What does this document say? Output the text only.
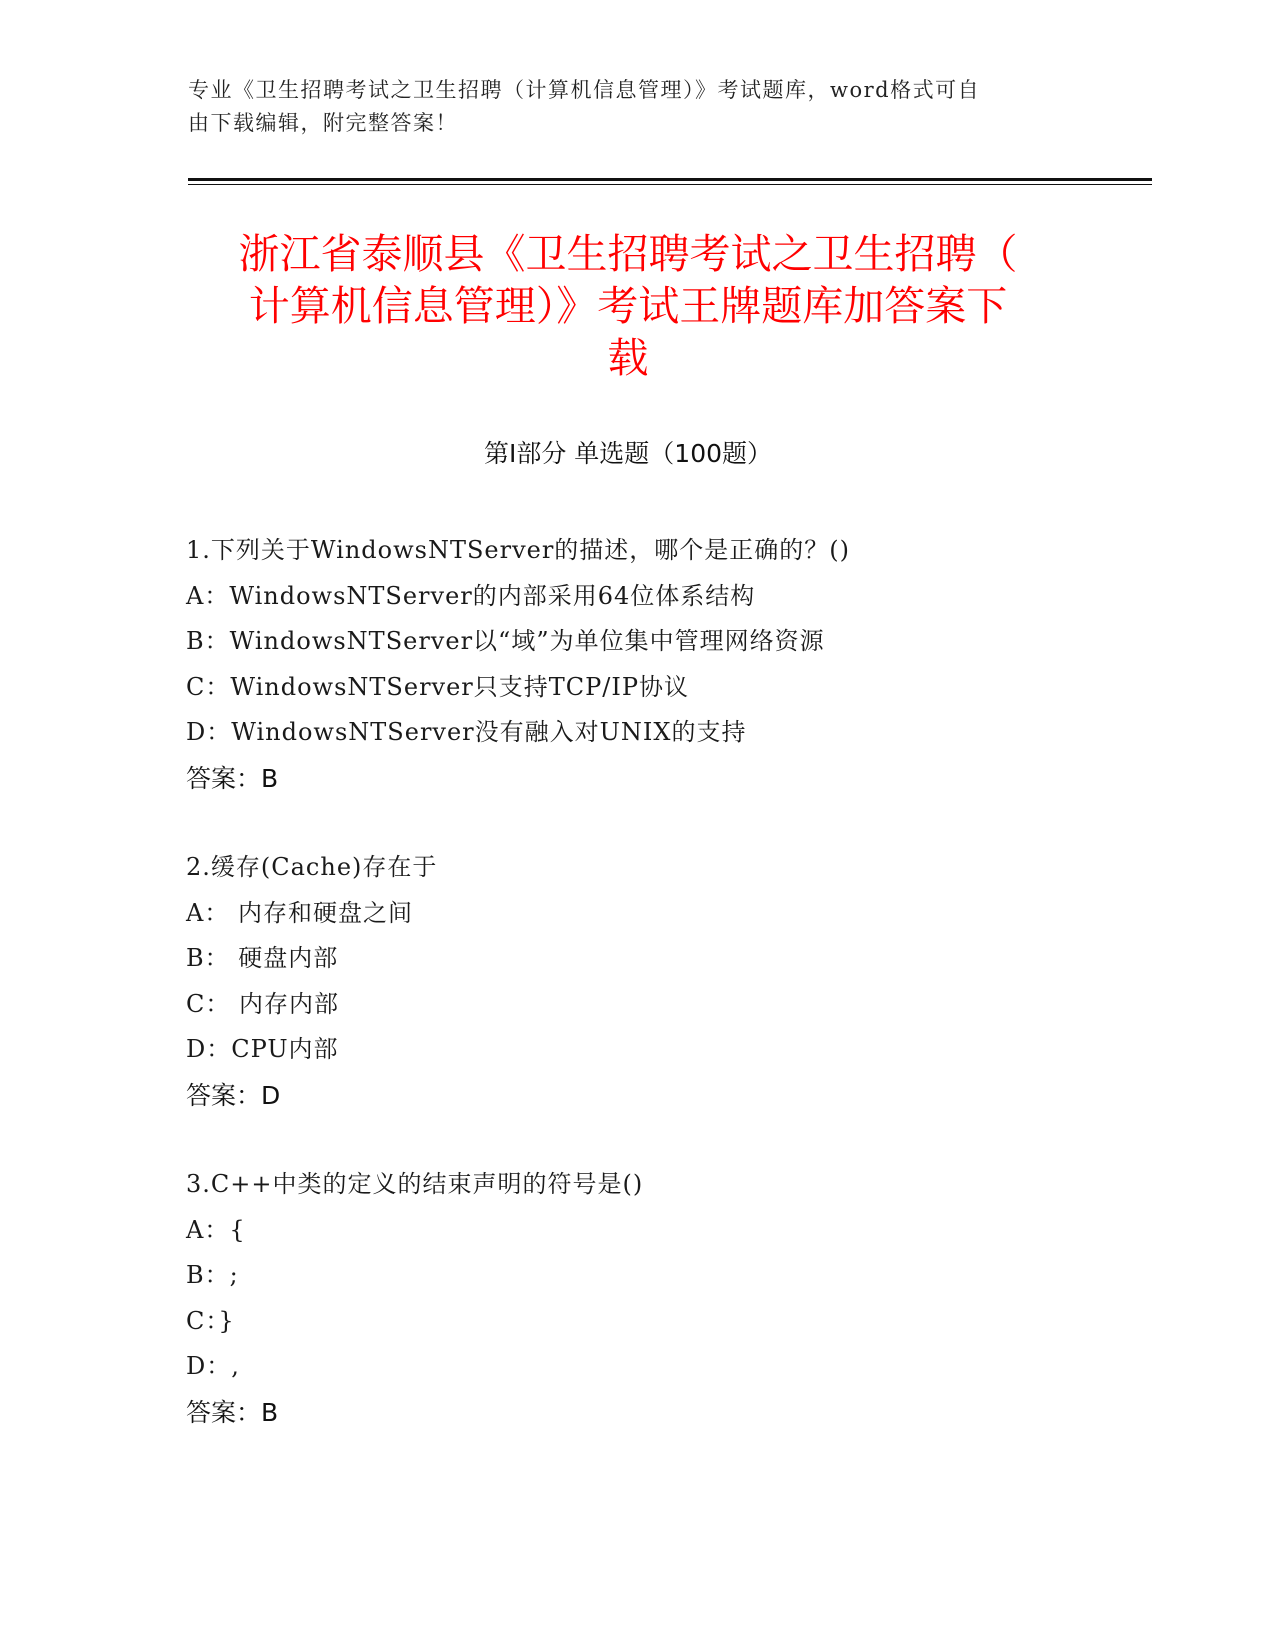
专业《卫生招聘考试之卫生招聘（计算机信息管理）》考试题库，word格式可自
由下载编辑，附完整答案！
浙江省泰顺县《卫生招聘考试之卫生招聘（
计算机信息管理）》考试王牌题库加答案下
载
第Ⅰ部分 单选题（100题）
1.下列关于WindowsNTServer的描述，哪个是正确的？()
A：WindowsNTServer的内部采用64位体系结构
B：WindowsNTServer以“域”为单位集中管理网络资源
C：WindowsNTServer只支持TCP/IP协议
D：WindowsNTServer没有融入对UNIX的支持
答案：B
2.缓存(Cache)存在于
A： 内存和硬盘之间
B： 硬盘内部
C： 内存内部
D：CPU内部
答案：D
3.C++中类的定义的结束声明的符号是()
A：{
B：;
C：}
D：,
答案：B
